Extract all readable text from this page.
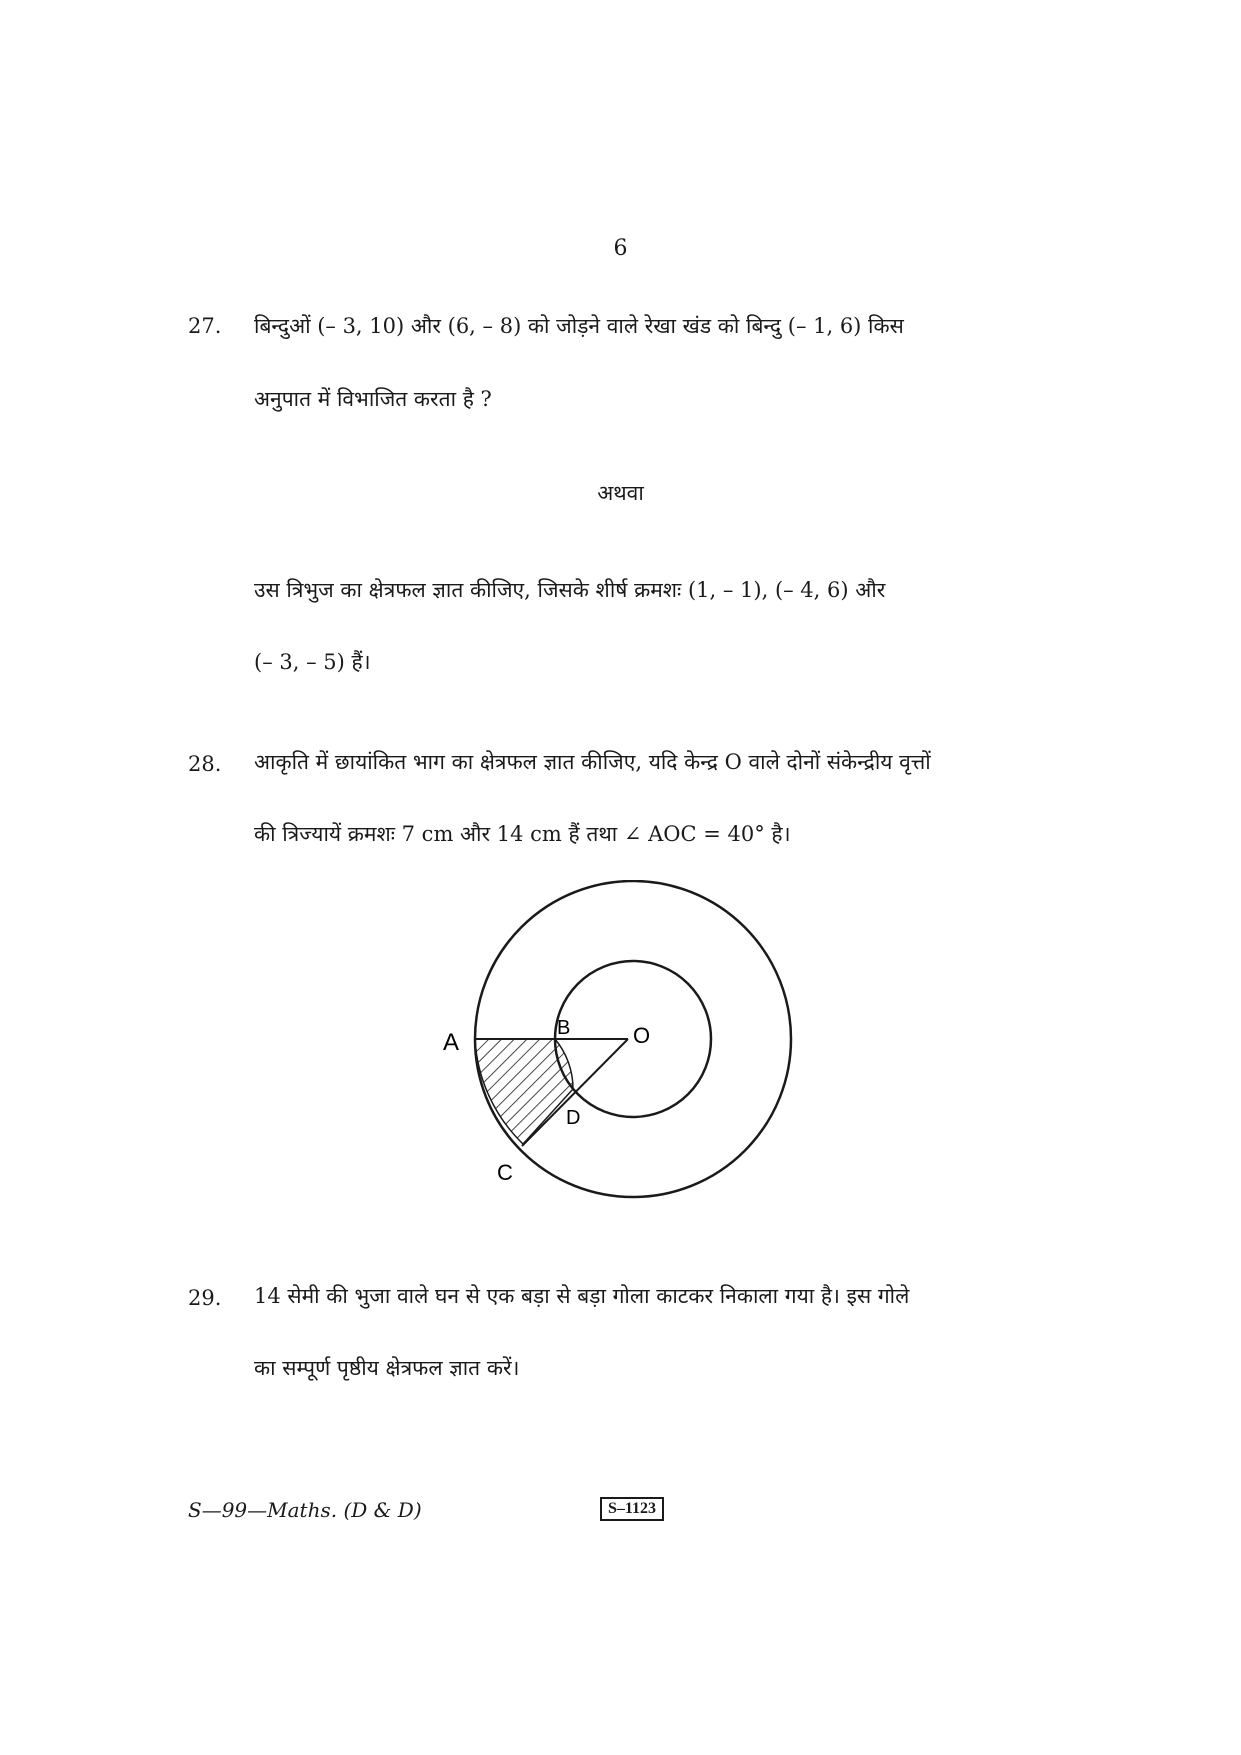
6
27. बिन्दुओं (– 3, 10) और (6, – 8) को जोड़ने वाले रेखा खंड को बिन्दु (– 1, 6) किस
अनुपात में विभाजित करता है ?
अथवा
उस त्रिभुज का क्षेत्रफल ज्ञात कीजिए, जिसके शीर्ष क्रमशः (1, – 1), (– 4, 6) और
(– 3, – 5) हैं।
28. आकृति में छायांकित भाग का क्षेत्रफल ज्ञात कीजिए, यदि केन्द्र O वाले दोनों संकेन्द्रीय वृत्तों
की त्रिज्यायें क्रमशः 7 cm और 14 cm हैं तथा ∠ AOC = 40° है।
A
B	O
D
C
29. 14 सेमी की भुजा वाले घन से एक बड़ा से बड़ा गोला काटकर निकाला गया है। इस गोले
का सम्पूर्ण पृष्ठीय क्षेत्रफल ज्ञात करें।
S—99—Maths. (D & D)	S–1123
